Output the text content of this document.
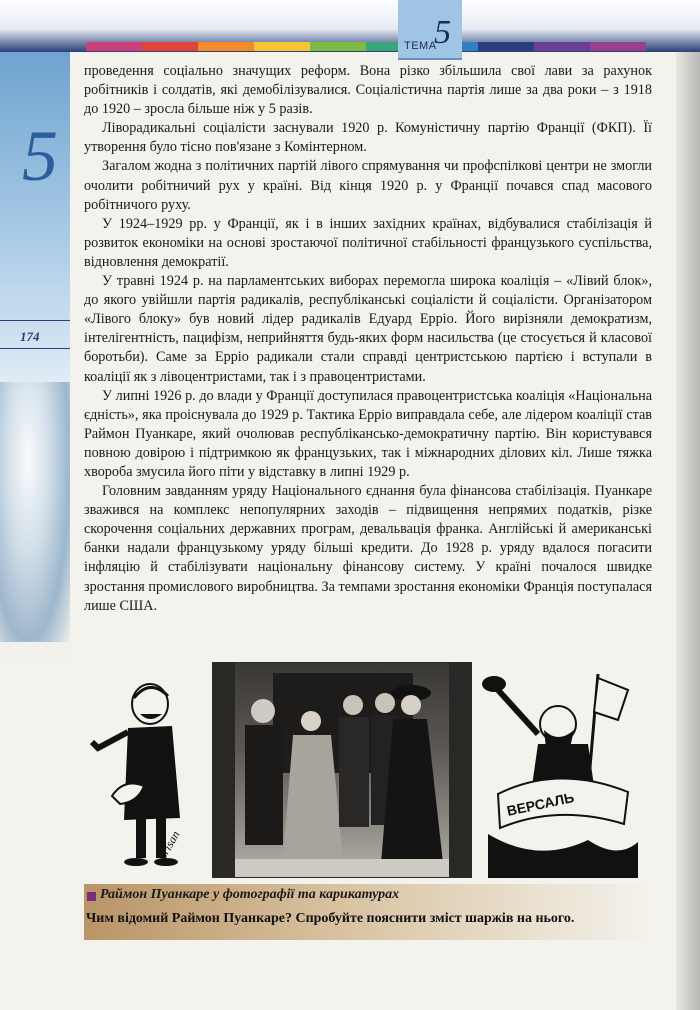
ТЕМА
5
5
174

проведення соціально значущих реформ. Вона різко збільшила свої лави за рахунок робітників і солдатів, які демобілізувалися. Соціалістична партія лише за два роки – з 1918 до 1920 – зросла більше ніж у 5 разів.

Ліворадикальні соціалісти заснували 1920 р. Комуністичну партію Франції (ФКП). Її утворення було тісно пов'язане з Комінтерном.

Загалом жодна з політичних партій лівого спрямування чи профспілкові центри не змогли очолити робітничий рух у країні. Від кінця 1920 р. у Франції почався спад масового робітничого руху.

У 1924–1929 рр. у Франції, як і в інших західних країнах, відбувалися стабілізація й розвиток економіки на основі зростаючої політичної стабільності французького суспільства, відновлення демократії.

У травні 1924 р. на парламентських виборах перемогла широка коаліція – «Лівий блок», до якого увійшли партія радикалів, республіканські соціалісти й соціалісти. Організатором «Лівого блоку» був новий лідер радикалів Едуард Ерріо. Його вирізняли демократизм, інтелігентність, пацифізм, неприйняття будь-яких форм насильства (це стосується й класової боротьби). Саме за Ерріо радикали стали справді центристською партією і вступали в коаліції як з лівоцентристами, так і з правоцентристами.

У липні 1926 р. до влади у Франції доступилася правоцентристська коаліція «Національна єдність», яка проіснувала до 1929 р. Тактика Ерріо виправдала себе, але лідером коаліції став Раймон Пуанкаре, який очолював республікансько-демократичну партію. Він користувався повною довірою і підтримкою як французьких, так і міжнародних ділових кіл. Лише тяжка хвороба змусила його піти у відставку в липні 1929 р.

Головним завданням уряду Національного єднання була фінансова стабілізація. Пуанкаре зважився на комплекс непопулярних заходів – підвищення непрямих податків, різке скорочення соціальних державних програм, девальвація франка. Англійські й американські банки надали французькому уряду більші кредити. До 1928 р. уряду вдалося погасити інфляцію й стабілізувати національну фінансову систему. У країні почалося швидке зростання промислового виробництва. За темпами зростання економіки Франція поступалася лише США.

Brisan
ВЕРСАЛЬ
Раймон Пуанкаре у фотографії та карикатурах
Чим відомий Раймон Пуанкаре? Спробуйте пояснити зміст шаржів на нього.
